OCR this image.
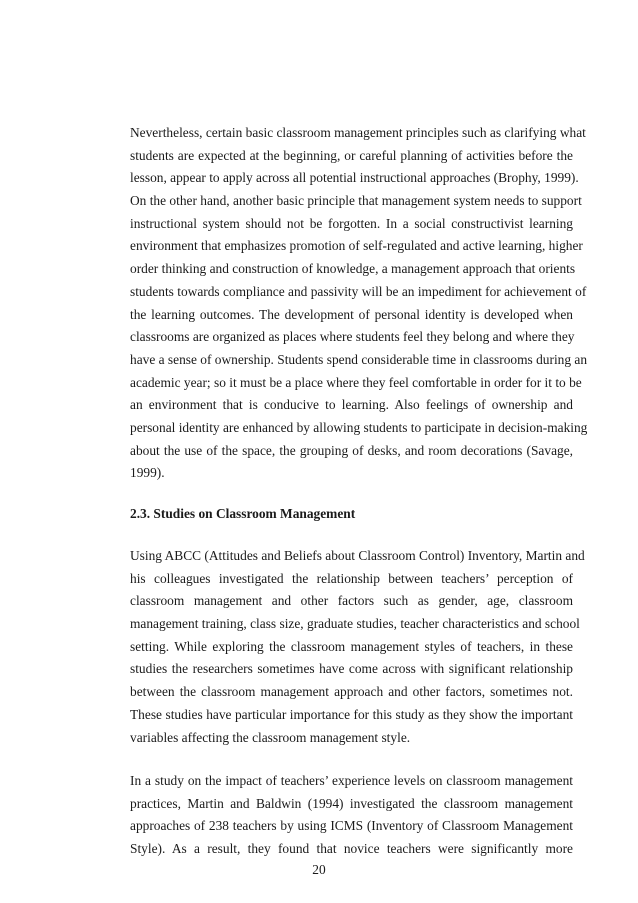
Nevertheless, certain basic classroom management principles such as clarifying what
students are expected at the beginning, or careful planning of activities before the
lesson, appear to apply across all potential instructional approaches (Brophy, 1999).
On the other hand, another basic principle that management system needs to support
instructional system should not be forgotten. In a social constructivist learning
environment that emphasizes promotion of self-regulated and active learning, higher
order thinking and construction of knowledge, a management approach that orients
students towards compliance and passivity will be an impediment for achievement of
the learning outcomes. The development of personal identity is developed when
classrooms are organized as places where students feel they belong and where they
have a sense of ownership. Students spend considerable time in classrooms during an
academic year; so it must be a place where they feel comfortable in order for it to be
an environment that is conducive to learning. Also feelings of ownership and
personal identity are enhanced by allowing students to participate in decision-making
about the use of the space, the grouping of desks, and room decorations (Savage,
1999).
2.3. Studies on Classroom Management
Using ABCC (Attitudes and Beliefs about Classroom Control) Inventory, Martin and
his colleagues investigated the relationship between teachers’ perception of
classroom management and other factors such as gender, age, classroom
management training, class size, graduate studies, teacher characteristics and school
setting. While exploring the classroom management styles of teachers, in these
studies the researchers sometimes have come across with significant relationship
between the classroom management approach and other factors, sometimes not.
These studies have particular importance for this study as they show the important
variables affecting the classroom management style.
In a study on the impact of teachers’ experience levels on classroom management
practices, Martin and Baldwin (1994) investigated the classroom management
approaches of 238 teachers by using ICMS (Inventory of Classroom Management
Style). As a result, they found that novice teachers were significantly more
20
